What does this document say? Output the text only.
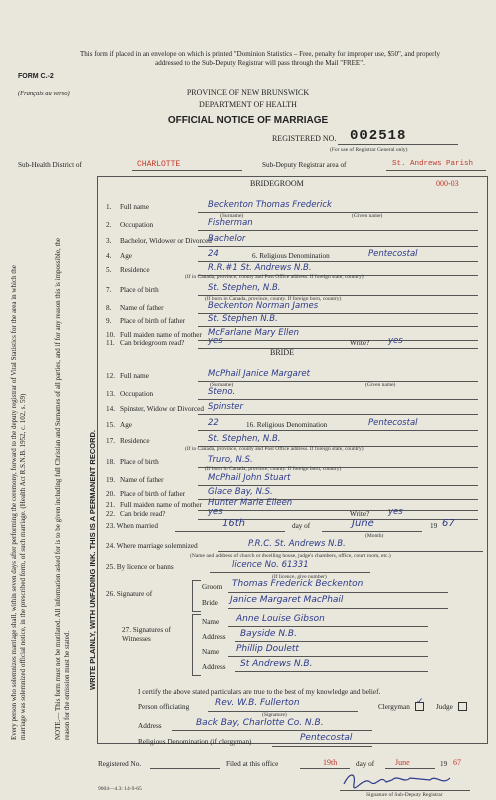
This form if placed in an envelope on which is printed "Dominion Statistics – Free, penalty for improper use, $50", and properly addressed to the Sub-Deputy Registrar will pass through the Mail "FREE".
FORM C.-2
(Français au verso)	PROVINCE OF NEW BRUNSWICK
DEPARTMENT OF HEALTH
OFFICIAL NOTICE OF MARRIAGE
REGISTERED NO. 002518
(For use of Registrar General only)
Sub-Health District of	CHARLOTTE	Sub-Deputy Registrar area of	St. Andrews Parish
Every person who solemnizes marriage shall, within seven days after performing the ceremony, forward to the deputy registrar of Vital Statistics for the area in which the marriage was solemnized official notice, in the prescribed form, of such marriage. (Health Act R.S.N.B. 1952, c. 102, s. 59)	NOTE.— This form must not be mutilated. All information asked for is to be given including full Christian and Surnames of all parties, and if for any reason this is impossible, the reason for the omission must be stated. WRITE PLAINLY, WITH UNFADING INK. THIS IS A PERMANENT RECORD.
BRIDEGROOM	000-03
1. Full name	Beckenton Thomas Frederick
2. Occupation	Fisherman
3. Bachelor, Widower or Divorced
Bachelor
4. Age	24
5. Residence	R.R.#1 St. Andrews N.B.
7. Place of birth	St. Stephen, N.B.
8. Name of father	Beckenton Norman James
9. Place of birth of father	St. Stephen N.B.
10. Full maiden name of mother McFarlane Mary Ellen
11. Can bridegroom read?	yes
BRIDE
12. Full name	McPhail Janice Margaret
13. Occupation	Steno.
14. Spinster, Widow or Divorced Spinster
15. Age	22
17. Residence	St. Stephen, N.B.
18. Place of birth	Truro, N.S.
19. Name of father	McPhail John Stuart
20. Place of birth of father	Glace Bay, N.S.
21. Full maiden name of mother Hunter Marie Eileen
22. Can bride read?	yes
(Surname)	(Given name)
6. Religious Denomination	Pentecostal
(If in Canada, province, county and Post Office address. If foreign state, country)
(If born in Canada, province, county. If foreign born, country)
Write? yes
(Surname)	(Given name)
16. Religious Denomination	Pentecostal
(If in Canada, province, county and Post Office address. If foreign state, country)
(If born in Canada, province, county. If foreign born, country)
Write? yes
23. When married	16th	day of	June
(Month)
19 67
24. Where marriage solemnized	P.R.C. St. Andrews N.B.
(Name and address of church or dwelling house, judge's chambers, office, court room, etc.)
25. By licence or banns	licence No. 61331
(If licence, give number)
26. Signature of
Groom Thomas Frederick Beckenton
Bride Janice Margaret MacPhail
27. Signatures of Witnesses
Name Anne Louise Gibson
Address Bayside N.B.
Name Phillip Doulett
Address St Andrews N.B.
I certify the above stated particulars are true to the best of my knowledge and belief.
Person officiating	Rev. W.B. Fullerton
(Signature)
Clergyman ✓ Judge
Address	Back Bay, Charlotte Co. N.B.
Religious Denomination (if clergyman)	Pentecostal
Registered No.	Filed at this office	19th	day of	June	19 67
9004—4.3: 14-9-65
Signature of Sub-Deputy Registrar
